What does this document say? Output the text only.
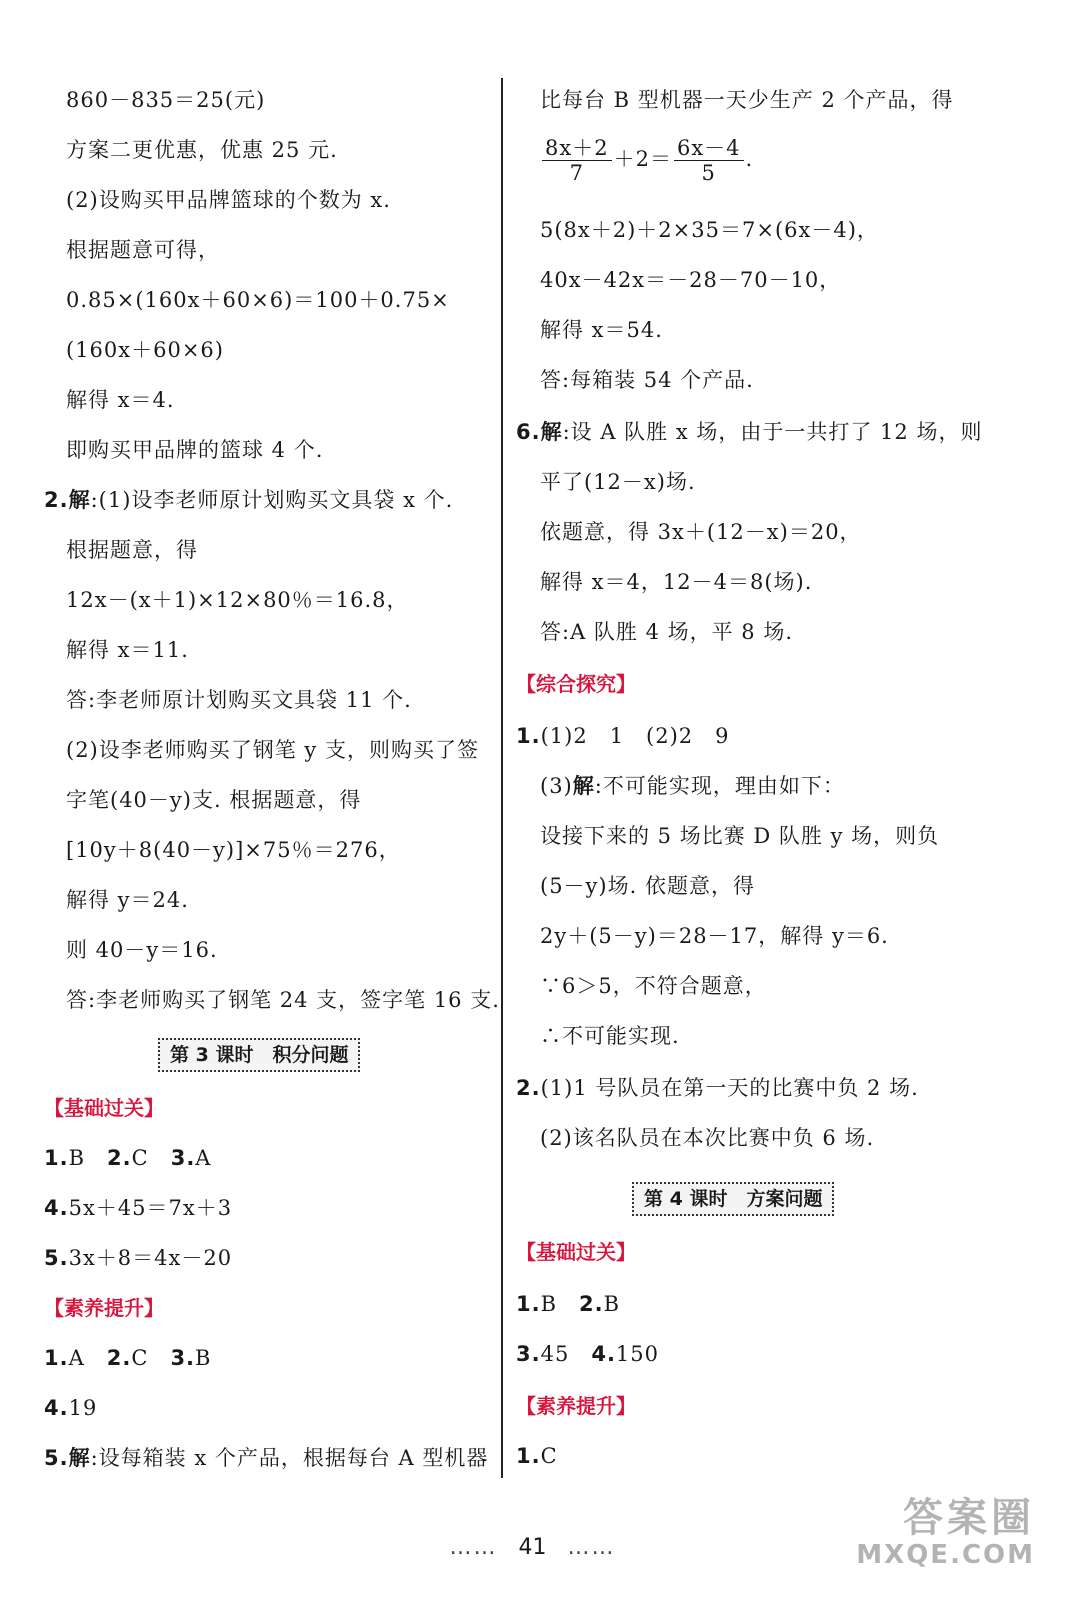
860－835＝25(元)
方案二更优惠，优惠 25 元.
(2)设购买甲品牌篮球的个数为 x.
根据题意可得，
0.85×(160x＋60×6)＝100＋0.75×
(160x＋60×6)
解得 x＝4.
即购买甲品牌的篮球 4 个.
2.解:(1)设李老师原计划购买文具袋 x 个.
根据题意，得
12x－(x＋1)×12×80％＝16.8，
解得 x＝11.
答:李老师原计划购买文具袋 11 个.
(2)设李老师购买了钢笔 y 支，则购买了签
字笔(40－y)支. 根据题意，得
[10y＋8(40－y)]×75％＝276，
解得 y＝24.
则 40－y＝16.
答:李老师购买了钢笔 24 支，签字笔 16 支.
第 3 课时　积分问题
【基础过关】
1.B　 2.C　 3.A
4.5x＋45＝7x＋3
5.3x＋8＝4x－20
【素养提升】
1.A　 2.C　 3.B
4.19
5.解:设每箱装 x 个产品，根据每台 A 型机器
比每台 B 型机器一天少生产 2 个产品，得
$\frac{8x+2}{7} +2= \frac{6x-4}{5}$ .
5(8x＋2)＋2×35＝7×(6x－4)，
40x－42x＝－28－70－10，
解得 x＝54.
答:每箱装 54 个产品.
6.解:设 A 队胜 x 场，由于一共打了 12 场，则
平了(12－x)场.
依题意，得 3x＋(12－x)＝20，
解得 x＝4，12－4＝8(场).
答:A 队胜 4 场，平 8 场.
【综合探究】
1.(1)2　1　(2)2　9
(3)解:不可能实现，理由如下：
设接下来的 5 场比赛 D 队胜 y 场，则负
(5－y)场. 依题意，得
2y＋(5－y)＝28－17，解得 y＝6.
∵6＞5，不符合题意，
∴不可能实现.
2.(1)1 号队员在第一天的比赛中负 2 场.
(2)该名队员在本次比赛中负 6 场.
第 4 课时　方案问题
【基础过关】
1.B　 2.B
3.45　 4.150
【素养提升】
1.C
…… 41 ……
答案圈
MXQE.COM
